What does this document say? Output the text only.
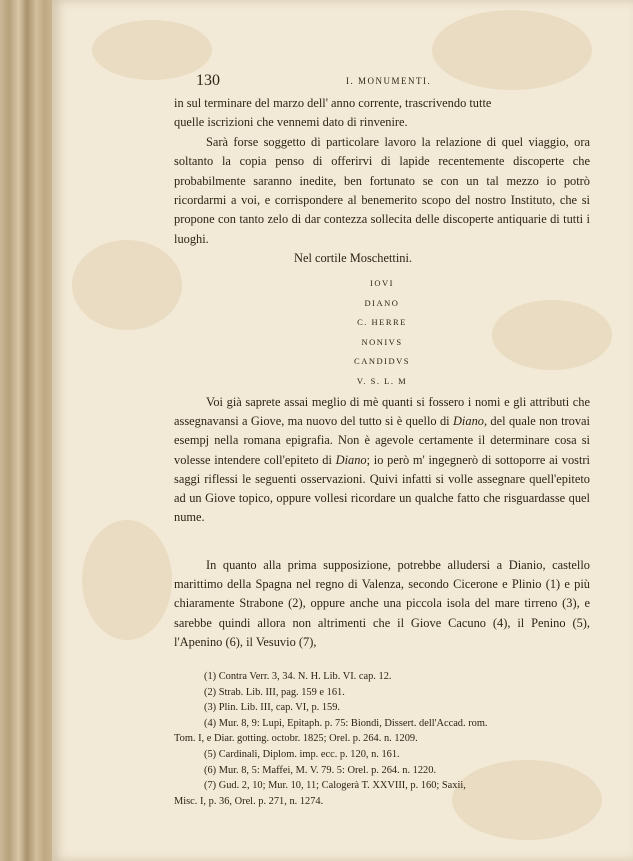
130	I. MONUMENTI.

in sul terminare del marzo dell' anno corrente, trascrivendo tutte

quelle iscrizioni che vennemi dato di rinvenire.

Sarà forse soggetto di particolare lavoro la relazione di quel viaggio, ora soltanto la copia penso di offerirvi di lapide recentemente discoperte che probabilmente saranno inedite, ben fortunato se con un tal mezzo io potrò ricordarmi a voi, e corrispondere al benemerito scopo del nostro Instituto, che si propone con tanto zelo di dar contezza sollecita delle discoperte antiquarie di tutti i luoghi.

Nel cortile Moschettini.

IOVI
DIANO
C. HERRE
NONIVS
CANDIDVS
V. S. L. M
Voi già saprete assai meglio di mè quanti si fossero i nomi e gli attributi che assegnavansi a Giove, ma nuovo del tutto si è quello di Diano, del quale non trovai esempj nella romana epigrafia. Non è agevole certamente il determinare cosa si volesse intendere coll'epiteto di Diano; io però m' ingegnerò di sottoporre ai vostri saggi riflessi le seguenti osservazioni. Quivi infatti si volle assegnare quell'epiteto ad un Giove topico, oppure vollesi ricordare un qualche fatto che risguardasse quel nume.
In quanto alla prima supposizione, potrebbe alludersi a Dianio, castello marittimo della Spagna nel regno di Valenza, secondo Cicerone e Plinio (1) e più chiaramente Strabone (2), oppure anche una piccola isola del mare tirreno (3), e sarebbe quindi allora non altrimenti che il Giove Cacuno (4), il Penino (5), l'Apenino (6), il Vesuvio (7),
(1) Contra Verr. 3, 34. N. H. Lib. VI. cap. 12.
(2) Strab. Lib. III, pag. 159 e 161.
(3) Plin. Lib. III, cap. VI, p. 159.
(4) Mur. 8, 9: Lupi, Epitaph. p. 75: Biondi, Dissert. dell'Accad. rom.
Tom. I, e Diar. gotting. octobr. 1825; Orel. p. 264. n. 1209.
(5) Cardinali, Diplom. imp. ecc. p. 120, n. 161.
(6) Mur. 8, 5: Maffei, M. V. 79. 5: Orel. p. 264. n. 1220.
(7) Gud. 2, 10; Mur. 10, 11; Calogerà T. XXVIII, p. 160; Saxii,
Misc. I, p. 36, Orel. p. 271, n. 1274.
